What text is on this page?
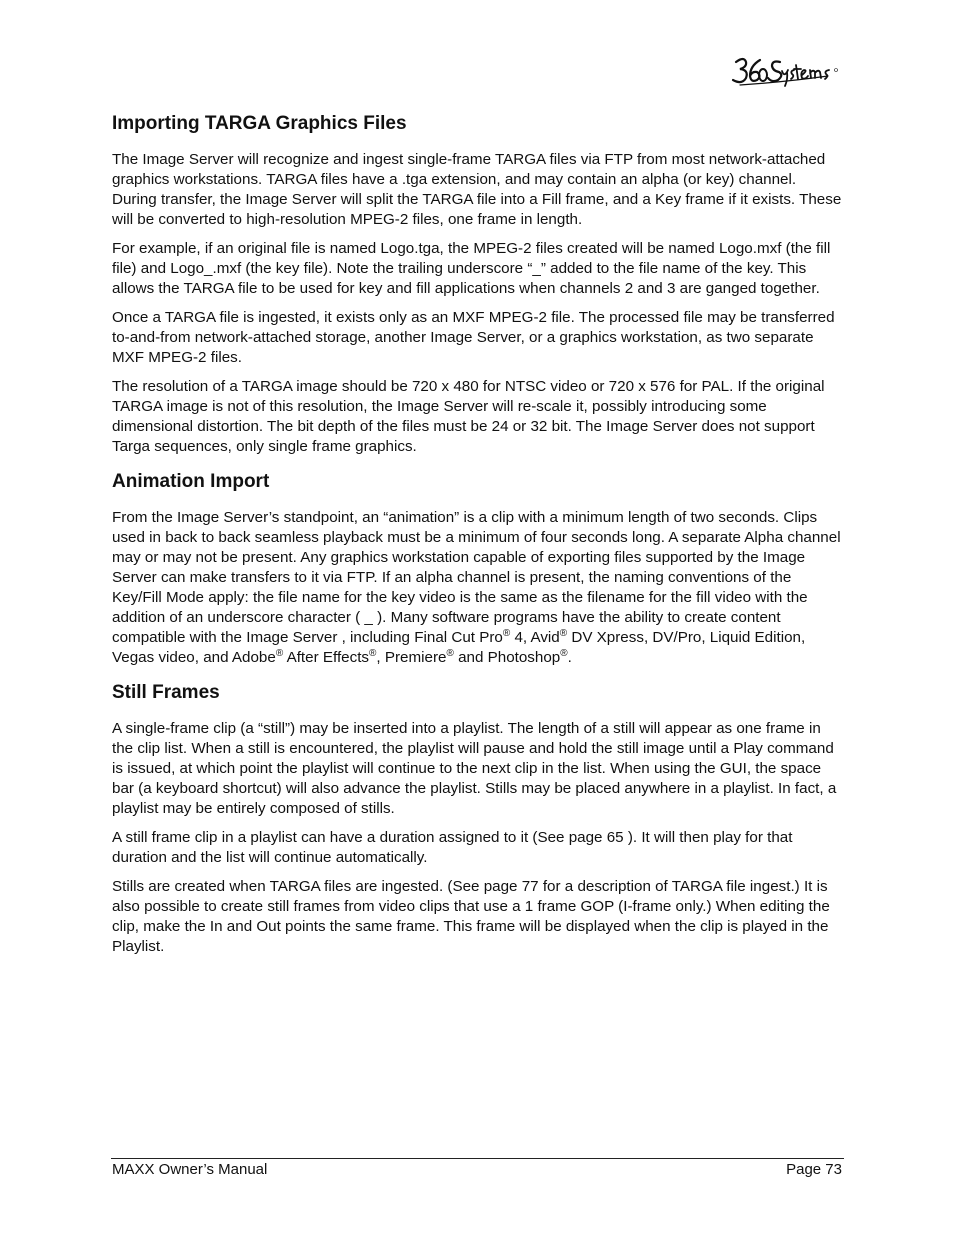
Importing TARGA Graphics Files

The Image Server will recognize and ingest single-frame TARGA files via FTP from most network-attached graphics workstations. TARGA files have a .tga extension, and may contain an alpha (or key) channel. During transfer, the Image Server will split the TARGA file into a Fill frame, and a Key frame if it exists. These will be converted to high-resolution MPEG-2 files, one frame in length.

For example, if an original file is named Logo.tga, the MPEG-2 files created will be named Logo.mxf (the fill file) and Logo_.mxf (the key file). Note the trailing underscore “_” added to the file name of the key. This allows the TARGA file to be used for key and fill applications when channels 2 and 3 are ganged together.

Once a TARGA file is ingested, it exists only as an MXF MPEG-2 file. The processed file may be transferred to-and-from network-attached storage, another Image Server, or a graphics workstation, as two separate MXF MPEG-2 files.

The resolution of a TARGA image should be 720 x 480 for NTSC video or 720 x 576 for PAL. If the original TARGA image is not of this resolution, the Image Server will re-scale it, possibly introducing some dimensional distortion. The bit depth of the files must be 24 or 32 bit. The Image Server does not support Targa sequences, only single frame graphics.

Animation Import

From the Image Server’s standpoint, an “animation” is a clip with a minimum length of two seconds. Clips used in back to back seamless playback must be a minimum of four seconds long. A separate Alpha channel may or may not be present. Any graphics workstation capable of exporting files supported by the Image Server can make transfers to it via FTP. If an alpha channel is present, the naming conventions of the Key/Fill Mode apply: the file name for the key video is the same as the filename for the fill video with the addition of an underscore character ( _ ). Many software programs have the ability to create content compatible with the Image Server , including Final Cut Pro® 4, Avid® DV Xpress, DV/Pro, Liquid Edition, Vegas video, and Adobe® After Effects®, Premiere® and Photoshop®.

Still Frames

A single-frame clip (a “still”) may be inserted into a playlist. The length of a still will appear as one frame in the clip list. When a still is encountered, the playlist will pause and hold the still image until a Play command is issued, at which point the playlist will continue to the next clip in the list. When using the GUI, the space bar (a keyboard shortcut) will also advance the playlist. Stills may be placed anywhere in a playlist. In fact, a playlist may be entirely composed of stills.

A still frame clip in a playlist can have a duration assigned to it (See page 65 ). It will then play for that duration and the list will continue automatically.

Stills are created when TARGA files are ingested. (See page 77 for a description of TARGA file ingest.) It is also possible to create still frames from video clips that use a 1 frame GOP (I-frame only.) When editing the clip, make the In and Out points the same frame. This frame will be displayed when the clip is played in the Playlist.

MAXX Owner’s Manual	Page 73
